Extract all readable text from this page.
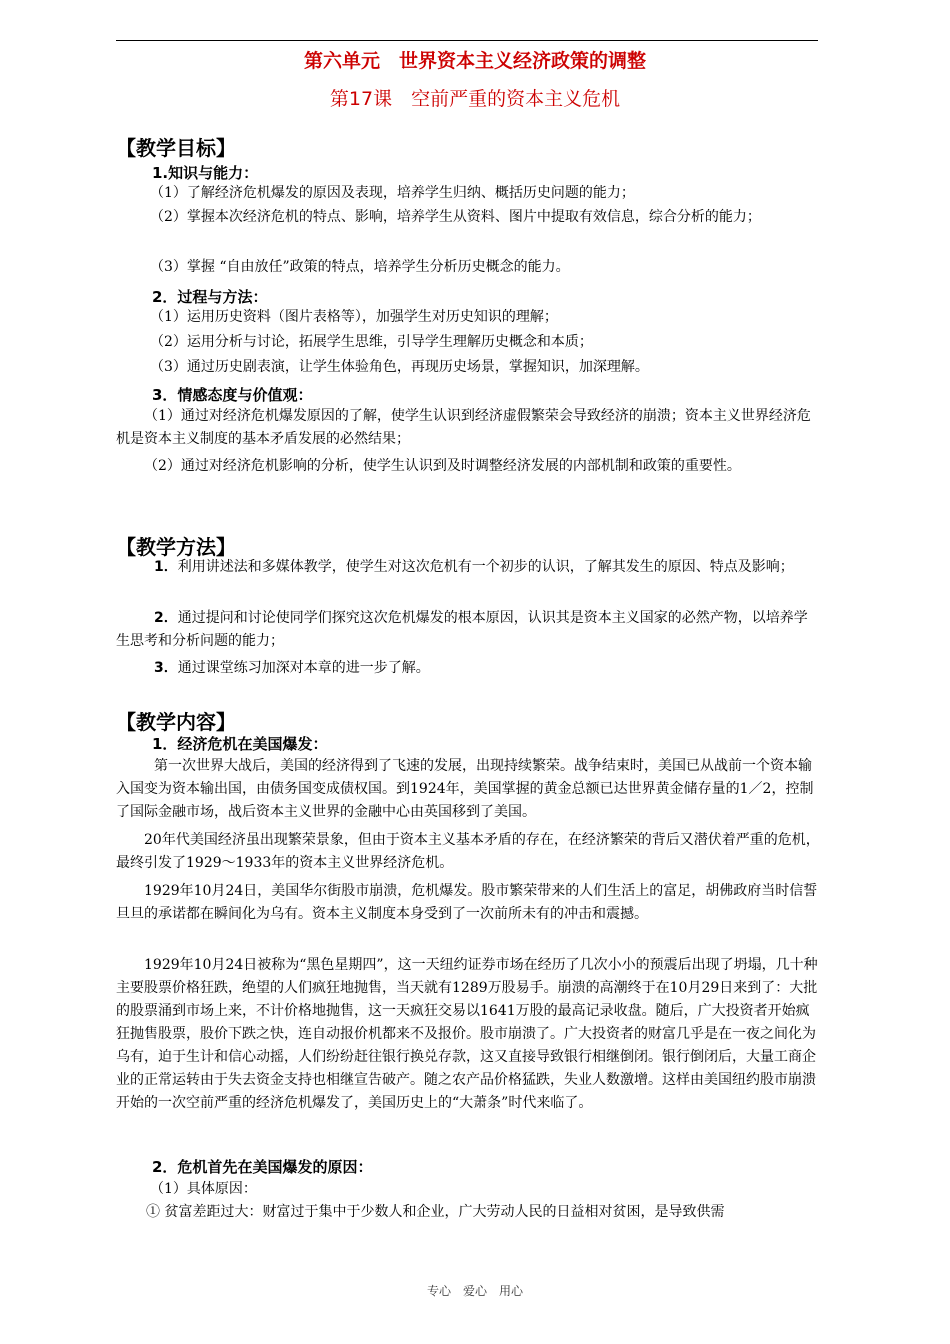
第六单元　世界资本主义经济政策的调整
第17课　空前严重的资本主义危机
【教学目标】
1.知识与能力：
（1）了解经济危机爆发的原因及表现，培养学生归纳、概括历史问题的能力；
（2）掌握本次经济危机的特点、影响，培养学生从资料、图片中提取有效信息，综合分析的能力；
（3）掌握 “自由放任”政策的特点，培养学生分析历史概念的能力。
2．过程与方法：
（1）运用历史资料（图片表格等），加强学生对历史知识的理解；
（2）运用分析与讨论，拓展学生思维，引导学生理解历史概念和本质；
（3）通过历史剧表演，让学生体验角色，再现历史场景，掌握知识，加深理解。
3．情感态度与价值观：
（1）通过对经济危机爆发原因的了解，使学生认识到经济虚假繁荣会导致经济的崩溃；资本主义世界经济危机是资本主义制度的基本矛盾发展的必然结果；
（2）通过对经济危机影响的分析，使学生认识到及时调整经济发展的内部机制和政策的重要性。
【教学方法】
1．利用讲述法和多媒体教学，使学生对这次危机有一个初步的认识，了解其发生的原因、特点及影响；
2．通过提问和讨论使同学们探究这次危机爆发的根本原因，认识其是资本主义国家的必然产物，以培养学生思考和分析问题的能力；
3．通过课堂练习加深对本章的进一步了解。
【教学内容】
1．经济危机在美国爆发：
第一次世界大战后，美国的经济得到了飞速的发展，出现持续繁荣。战争结束时，美国已从战前一个资本输入国变为资本输出国，由债务国变成债权国。到1924年，美国掌握的黄金总额已达世界黄金储存量的1／2，控制了国际金融市场，战后资本主义世界的金融中心由英国移到了美国。
20年代美国经济虽出现繁荣景象，但由于资本主义基本矛盾的存在，在经济繁荣的背后又潜伏着严重的危机，最终引发了1929～1933年的资本主义世界经济危机。
1929年10月24日，美国华尔街股市崩溃，危机爆发。股市繁荣带来的人们生活上的富足，胡佛政府当时信誓旦旦的承诺都在瞬间化为乌有。资本主义制度本身受到了一次前所未有的冲击和震撼。
1929年10月24日被称为“黑色星期四”，这一天纽约证券市场在经历了几次小小的预震后出现了坍塌，几十种主要股票价格狂跌，绝望的人们疯狂地抛售，当天就有1289万股易手。崩溃的高潮终于在10月29日来到了：大批的股票涌到市场上来，不计价格地抛售，这一天疯狂交易以1641万股的最高记录收盘。随后，广大投资者开始疯狂抛售股票，股价下跌之快，连自动报价机都来不及报价。股市崩溃了。广大投资者的财富几乎是在一夜之间化为乌有，迫于生计和信心动摇，人们纷纷赶往银行换兑存款，这又直接导致银行相继倒闭。银行倒闭后，大量工商企业的正常运转由于失去资金支持也相继宣告破产。随之农产品价格猛跌，失业人数激增。这样由美国纽约股市崩溃开始的一次空前严重的经济危机爆发了，美国历史上的“大萧条”时代来临了。
2．危机首先在美国爆发的原因：
（1）具体原因：
① 贫富差距过大：财富过于集中于少数人和企业，广大劳动人民的日益相对贫困，是导致供需
专心　爱心　用心
